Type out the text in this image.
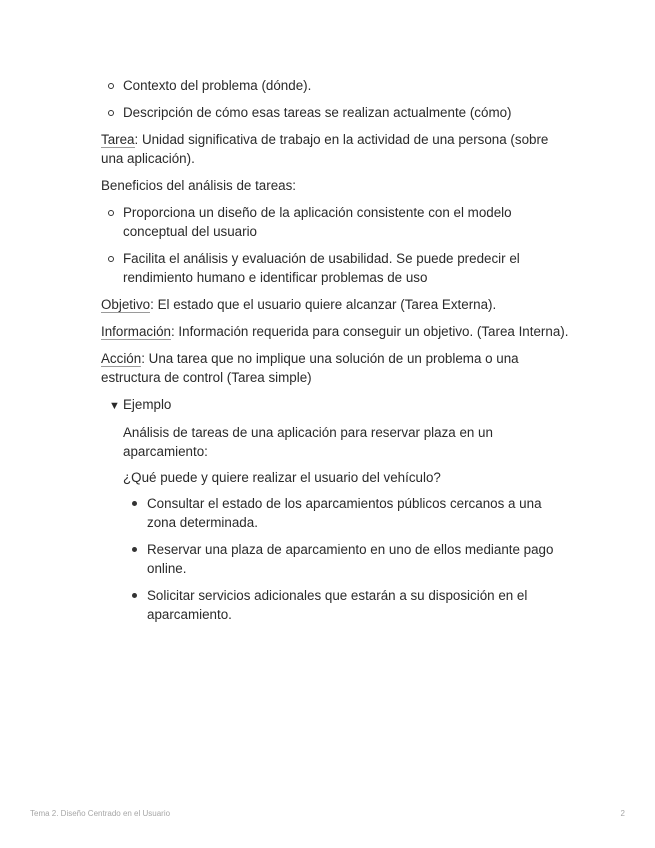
Contexto del problema (dónde).
Descripción de cómo esas tareas se realizan actualmente (cómo)

Tarea: Unidad significativa de trabajo en la actividad de una persona (sobre una aplicación).

Beneficios del análisis de tareas:

Proporciona un diseño de la aplicación consistente con el modelo conceptual del usuario
Facilita el análisis y evaluación de usabilidad. Se puede predecir el rendimiento humano e identificar problemas de uso

Objetivo: El estado que el usuario quiere alcanzar (Tarea Externa).

Información: Información requerida para conseguir un objetivo. (Tarea Interna).

Acción: Una tarea que no implique una solución de un problema o una estructura de control (Tarea simple)

▼ Ejemplo

Análisis de tareas de una aplicación para reservar plaza en un aparcamiento:

¿Qué puede y quiere realizar el usuario del vehículo?

Consultar el estado de los aparcamientos públicos cercanos a una zona determinada.
Reservar una plaza de aparcamiento en uno de ellos mediante pago online.
Solicitar servicios adicionales que estarán a su disposición en el aparcamiento.
Tema 2. Diseño Centrado en el Usuario	2
